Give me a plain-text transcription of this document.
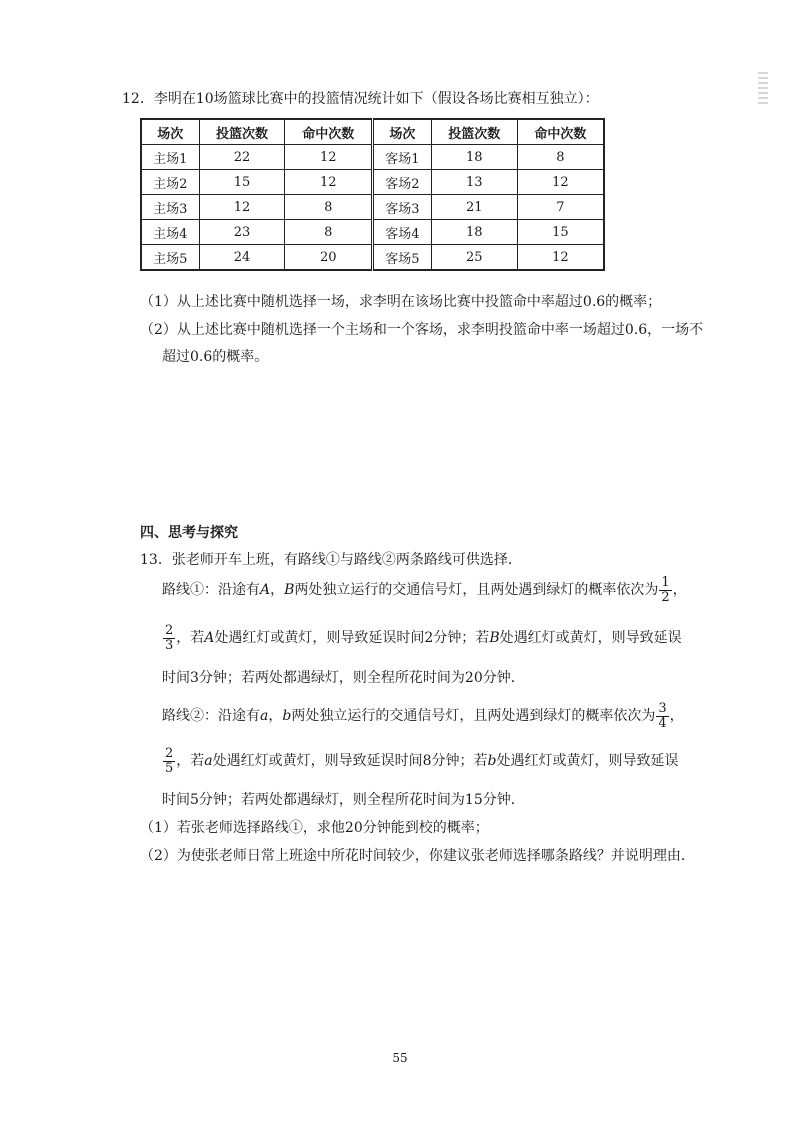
12．李明在10场篮球比赛中的投篮情况统计如下（假设各场比赛相互独立）：
场次	投篮次数	命中次数	场次	投篮次数	命中次数
主场1	22	12	客场1	18	8
主场2	15	12	客场2	13	12
主场3	12	8	客场3	21	7
主场4	23	8	客场4	18	15
主场5	24	20	客场5	25	12
（1）从上述比赛中随机选择一场，求李明在该场比赛中投篮命中率超过0.6的概率；
（2）从上述比赛中随机选择一个主场和一个客场，求李明投篮命中率一场超过0.6，一场不
超过0.6的概率。
四、思考与探究
13．张老师开车上班，有路线①与路线②两条路线可供选择．
路线①：沿途有A，B两处独立运行的交通信号灯，且两处遇到绿灯的概率依次为 $\frac{1}{2}$ ，
$\frac{2}{3}$ ，若A处遇红灯或黄灯，则导致延误时间2分钟；若B处遇红灯或黄灯，则导致延误
时间3分钟；若两处都遇绿灯，则全程所花时间为20分钟．
路线②：沿途有a，b两处独立运行的交通信号灯，且两处遇到绿灯的概率依次为 $\frac{3}{4}$ ，
$\frac{2}{5}$ ，若a处遇红灯或黄灯，则导致延误时间8分钟；若b处遇红灯或黄灯，则导致延误
时间5分钟；若两处都遇绿灯，则全程所花时间为15分钟．
（1）若张老师选择路线①，求他20分钟能到校的概率；
（2）为使张老师日常上班途中所花时间较少，你建议张老师选择哪条路线？并说明理由．
55
